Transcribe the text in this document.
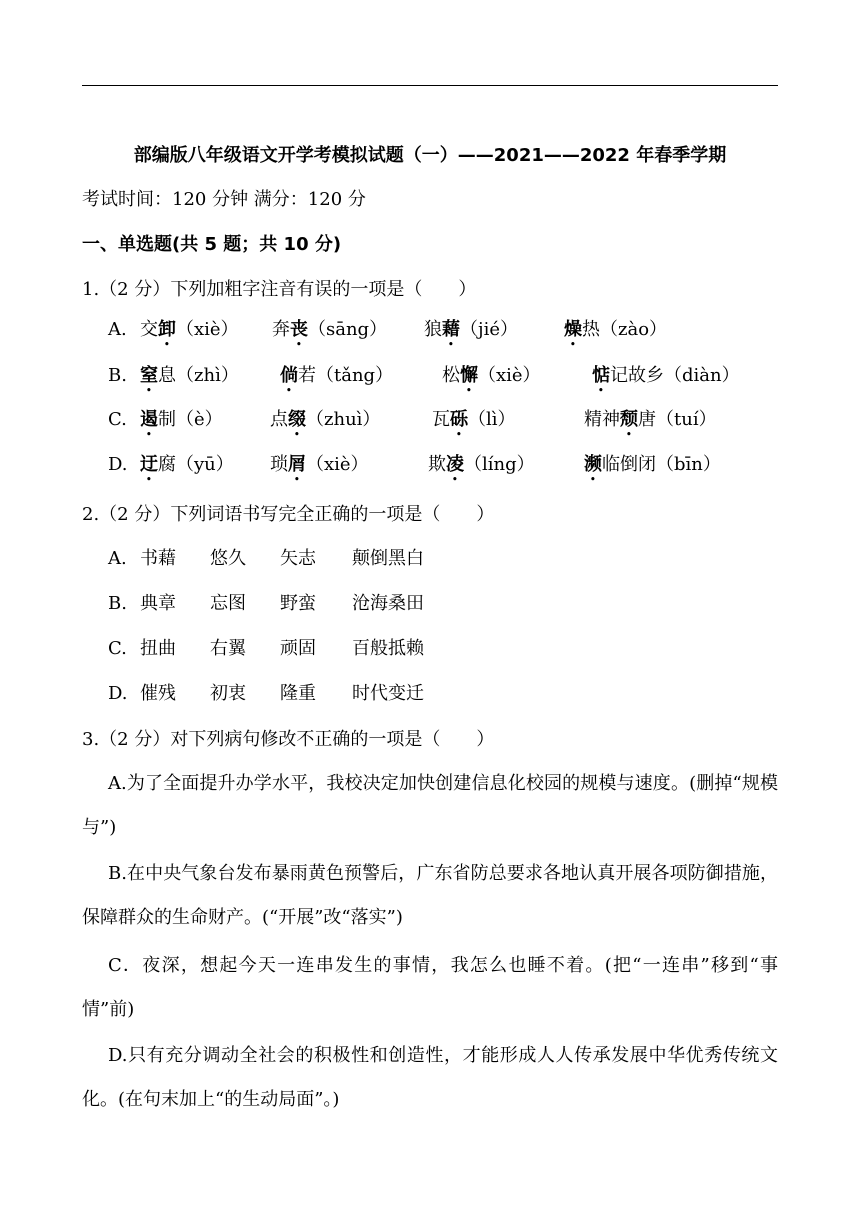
部编版八年级语文开学考模拟试题（一）——2021——2022 年春季学期
考试时间：120 分钟 满分：120 分
一、单选题(共 5 题；共 10 分)
1.（2 分）下列加粗字注音有误的一项是（　　）
A. 交卸（xiè） 奔丧（sāng） 狼藉（jié）	燥热（zào）
B. 窒息（zhì） 倘若（tǎng）	松懈（xiè）	惦记故乡（diàn）
C. 遏制（è）	点缀（zhuì）	瓦砾（lì）	精神颓唐（tuí）
D. 迂腐（yū） 琐屑（xiè）	欺凌（líng）	濒临倒闭（bīn）
2.（2 分）下列词语书写完全正确的一项是（　　）
A. 书藉 悠久 矢志 颠倒黑白
B. 典章 忘图 野蛮 沧海桑田
C. 扭曲 右翼 顽固 百般抵赖
D. 催残 初衷 隆重 时代变迁
3.（2 分）对下列病句修改不正确的一项是（　　）
A.为了全面提升办学水平，我校决定加快创建信息化校园的规模与速度。(删掉“规模与”)
B.在中央气象台发布暴雨黄色预警后，广东省防总要求各地认真开展各项防御措施，保障群众的生命财产。(“开展”改“落实”)
C．夜深，想起今天一连串发生的事情，我怎么也睡不着。(把“一连串”移到“事情”前)
D.只有充分调动全社会的积极性和创造性，才能形成人人传承发展中华优秀传统文化。(在句末加上“的生动局面”。)
